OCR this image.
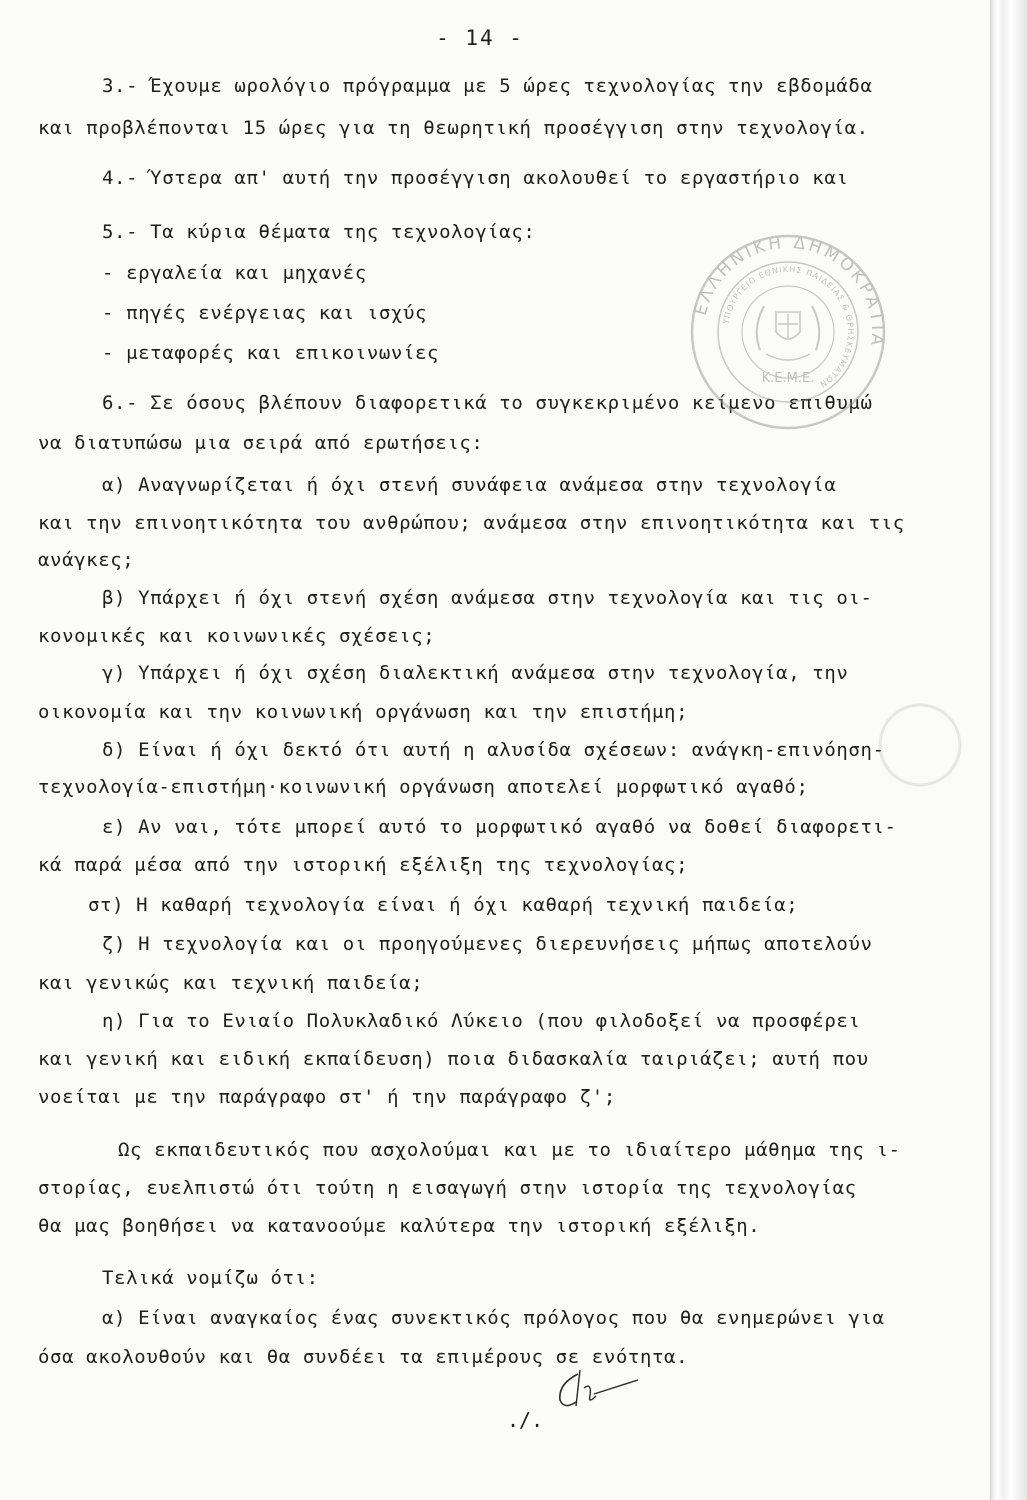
- 14 -
3.- Έχουμε ωρολόγιο πρόγραμμα με 5 ώρες τεχνολογίας την εβδομάδα
και προβλέπονται 15 ώρες για τη θεωρητική προσέγγιση στην τεχνολογία.
4.- Ύστερα απ' αυτή την προσέγγιση ακολουθεί το εργαστήριο και
5.- Τα κύρια θέματα της τεχνολογίας:
- εργαλεία και μηχανές
- πηγές ενέργειας και ισχύς
- μεταφορές και επικοινωνίες
6.- Σε όσους βλέπουν διαφορετικά το συγκεκριμένο κείμενο επιθυμώ
να διατυπώσω μια σειρά από ερωτήσεις:
α) Αναγνωρίζεται ή όχι στενή συνάφεια ανάμεσα στην τεχνολογία
και την επινοητικότητα του ανθρώπου; ανάμεσα στην επινοητικότητα και τις
ανάγκες;
β) Υπάρχει ή όχι στενή σχέση ανάμεσα στην τεχνολογία και τις οι-
κονομικές και κοινωνικές σχέσεις;
γ) Υπάρχει ή όχι σχέση διαλεκτική ανάμεσα στην τεχνολογία, την
οικονομία και την κοινωνική οργάνωση και την επιστήμη;
δ) Είναι ή όχι δεκτό ότι αυτή η αλυσίδα σχέσεων: ανάγκη-επινόηση-
τεχνολογία-επιστήμη·κοινωνική οργάνωση αποτελεί μορφωτικό αγαθό;
ε) Αν ναι, τότε μπορεί αυτό το μορφωτικό αγαθό να δοθεί διαφορετι-
κά παρά μέσα από την ιστορική εξέλιξη της τεχνολογίας;
στ) Η καθαρή τεχνολογία είναι ή όχι καθαρή τεχνική παιδεία;
ζ) Η τεχνολογία και οι προηγούμενες διερευνήσεις μήπως αποτελούν
και γενικώς και τεχνική παιδεία;
η) Για το Ενιαίο Πολυκλαδικό Λύκειο (που φιλοδοξεί να προσφέρει
και γενική και ειδική εκπαίδευση) ποια διδασκαλία ταιριάζει; αυτή που
νοείται με την παράγραφο στ' ή την παράγραφο ζ';
Ως εκπαιδευτικός που ασχολούμαι και με το ιδιαίτερο μάθημα της ι-
στορίας, ευελπιστώ ότι τούτη η εισαγωγή στην ιστορία της τεχνολογίας
θα μας βοηθήσει να κατανοούμε καλύτερα την ιστορική εξέλιξη.
Τελικά νομίζω ότι:
α) Είναι αναγκαίος ένας συνεκτικός πρόλογος που θα ενημερώνει για
όσα ακολουθούν και θα συνδέει τα επιμέρους σε ενότητα.
ΕΛΛΗΝΙΚΗ ΔΗΜΟΚΡΑΤΙΑ
ΥΠΟΥΡΓΕΙΟ ΕΘΝΙΚΗΣ ΠΑΙΔΕΙΑΣ & ΘΡΗΣΚΕΥΜΑΤΩΝ
Κ.Ε.Μ.Ε.
./.
